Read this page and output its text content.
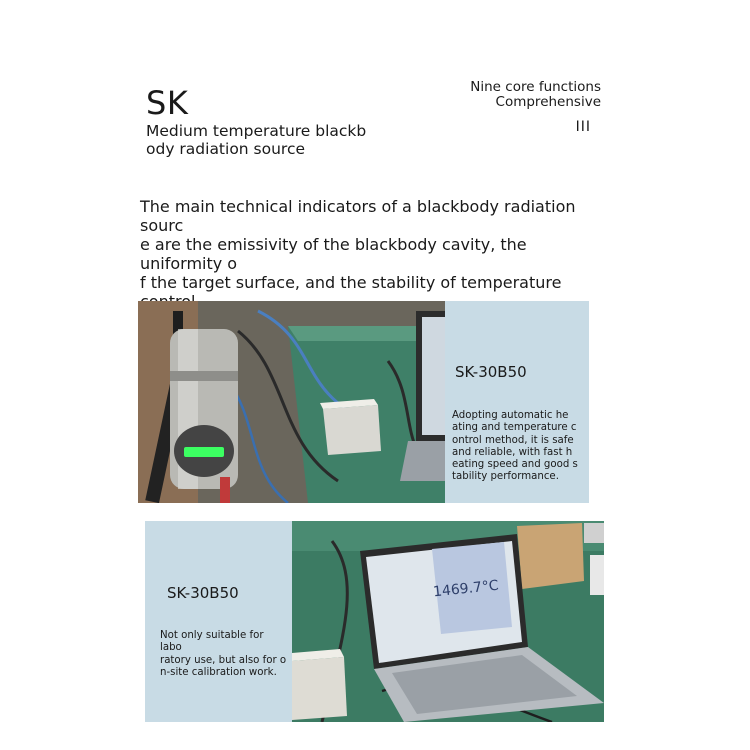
SK
Medium temperature blackb
ody radiation source
Nine core functions
Comprehensive
III
The main technical indicators of a blackbody radiation sourc
e are the emissivity of the blackbody cavity, the uniformity o
f the target surface, and the stability of temperature
SK-30B50
Adopting automatic he
ating and temperature c
ontrol method, it is safe
and reliable, with fast h
eating speed and good s
tability performance.
SK-30B50
Not only suitable for labo
ratory use, but also for o
n-site calibration work.
1469.7°C
